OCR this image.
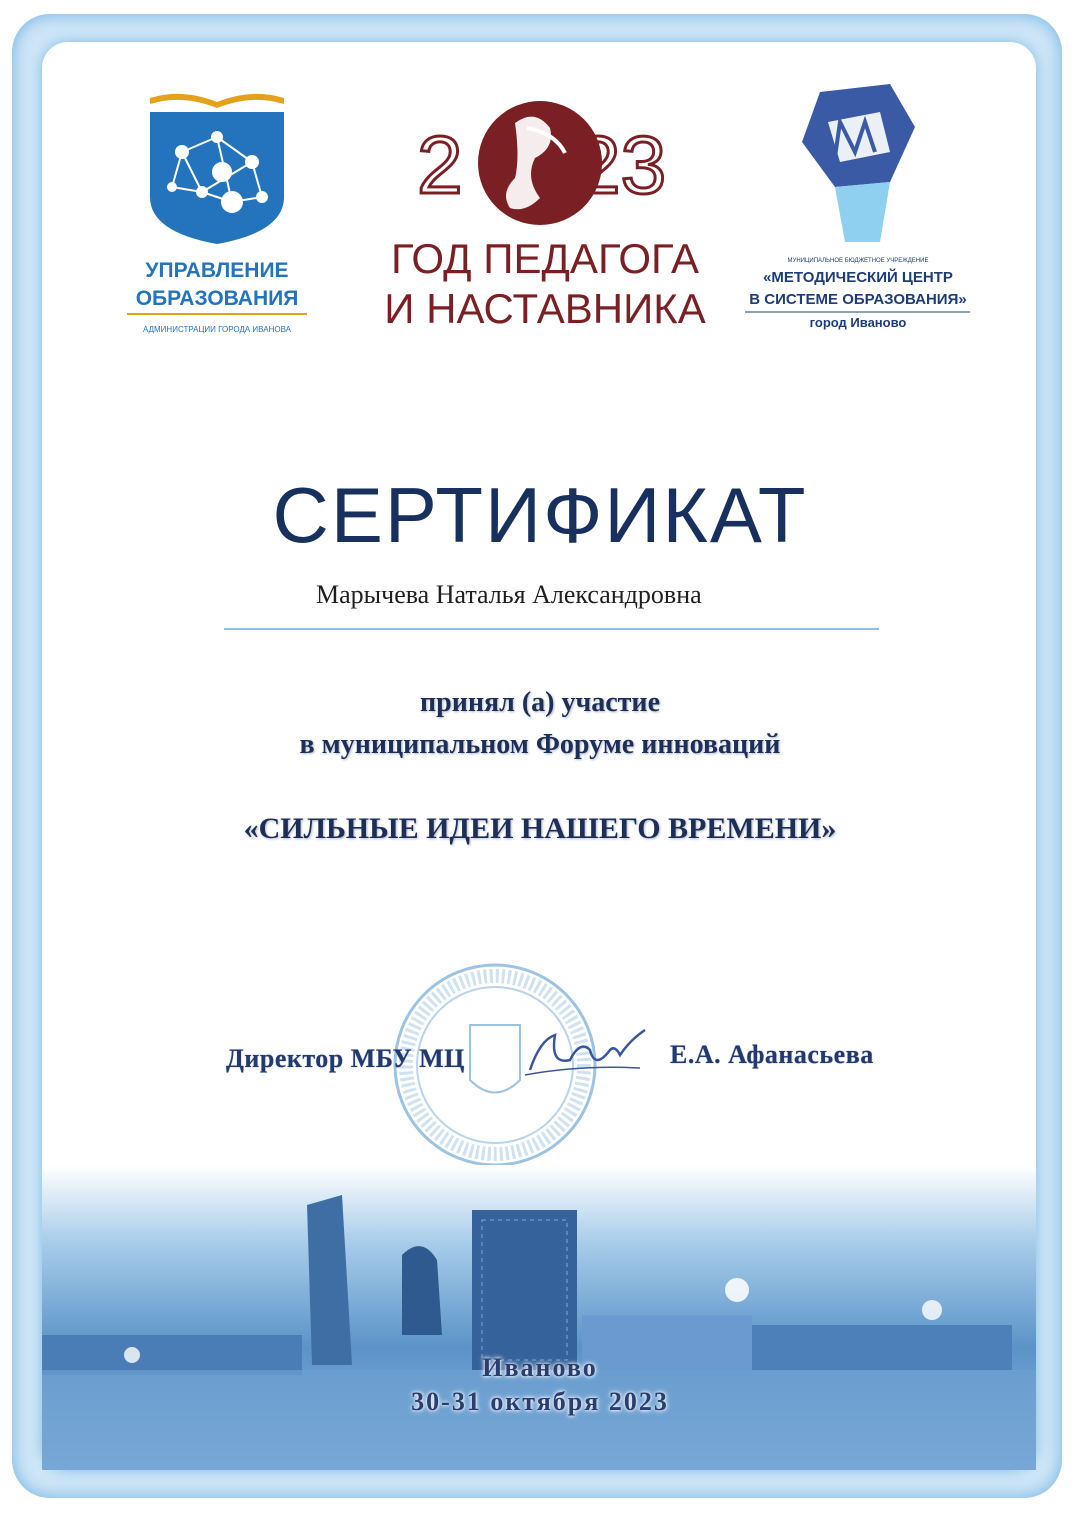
УПРАВЛЕНИЕ
ОБРАЗОВАНИЯ
АДМИНИСТРАЦИИ ГОРОДА ИВАНОВА
2 23
ГОД ПЕДАГОГА
И НАСТАВНИКА
МУНИЦИПАЛЬНОЕ БЮДЖЕТНОЕ УЧРЕЖДЕНИЕ
«МЕТОДИЧЕСКИЙ ЦЕНТР
В СИСТЕМЕ ОБРАЗОВАНИЯ»
город Иваново
СЕРТИФИКАТ
Марычева Наталья Александровна
принял (а) участие
в муниципальном Форуме инноваций
«СИЛЬНЫЕ ИДЕИ НАШЕГО ВРЕМЕНИ»
Директор МБУ МЦ	Е.А. Афанасьева
Иваново
30-31 октября 2023
